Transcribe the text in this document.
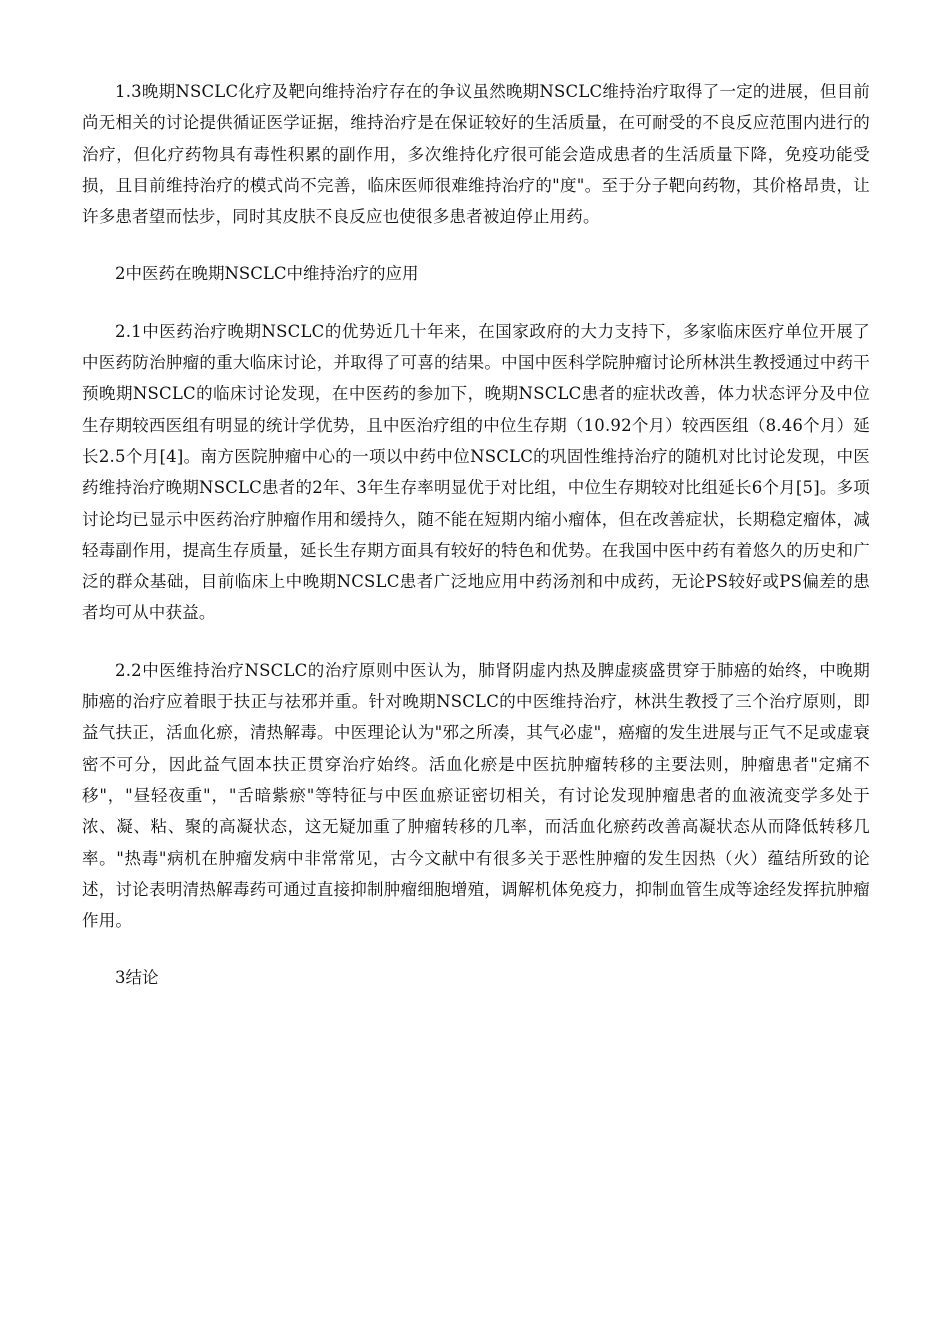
1.3晚期NSCLC化疗及靶向维持治疗存在的争议虽然晚期NSCLC维持治疗取得了一定的进展，但目前尚无相关的讨论提供循证医学证据，维持治疗是在保证较好的生活质量，在可耐受的不良反应范围内进行的治疗，但化疗药物具有毒性积累的副作用，多次维持化疗很可能会造成患者的生活质量下降，免疫功能受损，且目前维持治疗的模式尚不完善，临床医师很难维持治疗的"度"。至于分子靶向药物，其价格昂贵，让许多患者望而怯步，同时其皮肤不良反应也使很多患者被迫停止用药。

2中医药在晚期NSCLC中维持治疗的应用

2.1中医药治疗晚期NSCLC的优势近几十年来，在国家政府的大力支持下，多家临床医疗单位开展了中医药防治肿瘤的重大临床讨论，并取得了可喜的结果。中国中医科学院肿瘤讨论所林洪生教授通过中药干预晚期NSCLC的临床讨论发现，在中医药的参加下，晚期NSCLC患者的症状改善，体力状态评分及中位生存期较西医组有明显的统计学优势，且中医治疗组的中位生存期（10.92个月）较西医组（8.46个月）延长2.5个月[4]。南方医院肿瘤中心的一项以中药中位NSCLC的巩固性维持治疗的随机对比讨论发现，中医药维持治疗晚期NSCLC患者的2年、3年生存率明显优于对比组，中位生存期较对比组延长6个月[5]。多项讨论均已显示中医药治疗肿瘤作用和缓持久，随不能在短期内缩小瘤体，但在改善症状，长期稳定瘤体，减轻毒副作用，提高生存质量，延长生存期方面具有较好的特色和优势。在我国中医中药有着悠久的历史和广泛的群众基础，目前临床上中晚期NCSLC患者广泛地应用中药汤剂和中成药，无论PS较好或PS偏差的患者均可从中获益。

2.2中医维持治疗NSCLC的治疗原则中医认为，肺肾阴虚内热及脾虚痰盛贯穿于肺癌的始终，中晚期肺癌的治疗应着眼于扶正与祛邪并重。针对晚期NSCLC的中医维持治疗，林洪生教授了三个治疗原则，即益气扶正，活血化瘀，清热解毒。中医理论认为"邪之所凑，其气必虚"，癌瘤的发生进展与正气不足或虚衰密不可分，因此益气固本扶正贯穿治疗始终。活血化瘀是中医抗肿瘤转移的主要法则，肿瘤患者"定痛不移"，"昼轻夜重"，"舌暗紫瘀"等特征与中医血瘀证密切相关，有讨论发现肿瘤患者的血液流变学多处于浓、凝、粘、聚的高凝状态，这无疑加重了肿瘤转移的几率，而活血化瘀药改善高凝状态从而降低转移几率。"热毒"病机在肿瘤发病中非常常见，古今文献中有很多关于恶性肿瘤的发生因热（火）蕴结所致的论述，讨论表明清热解毒药可通过直接抑制肿瘤细胞增殖，调解机体免疫力，抑制血管生成等途经发挥抗肿瘤作用。

3结论
